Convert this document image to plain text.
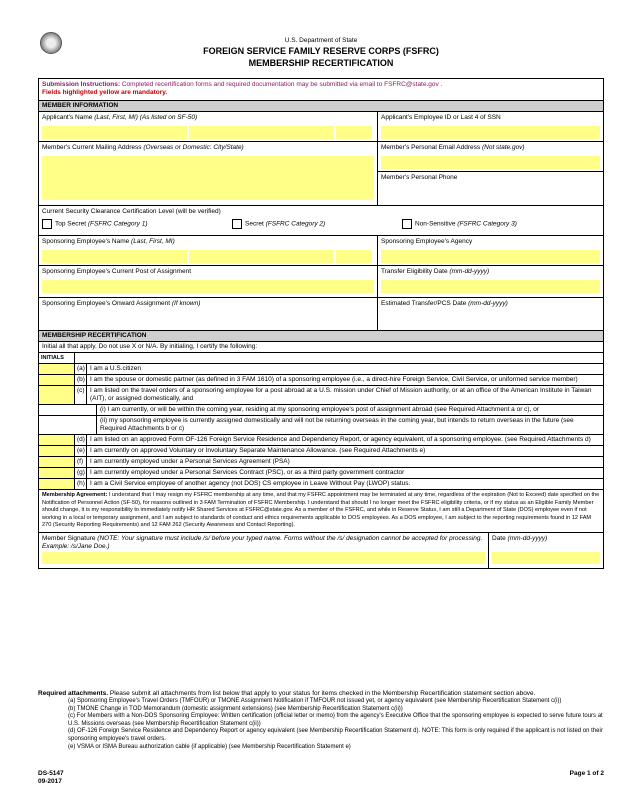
U.S. Department of State
FOREIGN SERVICE FAMILY RESERVE CORPS (FSFRC)
MEMBERSHIP RECERTIFICATION
Submission Instructions: Completed recertification forms and required documentation may be submitted via email to FSFRC@state.gov .
Fields highlighted yellow are mandatory.
MEMBER INFORMATION
Applicant's Name (Last, First, MI) (As listed on SF-50)	Applicant's Employee ID or Last 4 of SSN
Member's Current Mailing Address (Overseas or Domestic: City/State)	Member's Personal Email Address (Not state.gov)
Member's Personal Phone
Current Security Clearance Certification Level (will be verified)
Top Secret (FSFRC Category 1)	Secret (FSFRC Category 2)	Non-Sensitive (FSFRC Category 3)
Sponsoring Employee's Name (Last, First, MI)	Sponsoring Employee's Agency
Sponsoring Employee's Current Post of Assignment	Transfer Eligibility Date (mm-dd-yyyy)
Sponsoring Employee's Onward Assignment (If known)	Estimated Transfer/PCS Date (mm-dd-yyyy)
MEMBERSHIP RECERTIFICATION
Initial all that apply. Do not use X or N/A. By initialing, I certify the following:
INITIALS
(a) I am a U.S.citizen
(b) I am the spouse or domestic partner (as defined in 3 FAM 1610) of a sponsoring employee (i.e., a direct-hire Foreign Service, Civil Service, or uniformed service member)
(c) I am listed on the travel orders of a sponsoring employee for a post abroad at a U.S. mission under Chief of Mission authority, or at an office of the American Institute in Taiwan (AIT), or assigned domestically, and
(i) I am currently, or will be within the coming year, residing at my sponsoring employee's post of assignment abroad (see Required Attachment a or c), or
(ii) my sponsoring employee is currently assigned domestically and will not be returning overseas in the coming year, but intends to return overseas in the future (see Required Attachments b or c)
(d) I am listed on an approved Form OF-126 Foreign Service Residence and Dependency Report, or agency equivalent, of a sponsoring employee. (see Required Attachments d)
(e) I am currently on approved Voluntary or Involuntary Separate Maintenance Allowance. (see Required Attachments e)
(f)	I am currently employed under a Personal Services Agreement (PSA)
(g) I am currently employed under a Personal Services Contract (PSC), or as a third party government contractor
(h) I am a Civil Service employee of another agency (not DOS) CS employee in Leave Without Pay (LWOP) status.
Membership Agreement: I understand that I may resign my FSFRC membership at any time, and that my FSFRC appointment may be terminated at any time, regardless of the expiration (Not to Exceed) date specified on the Notification of Personnel Action (SF-50), for reasons outlined in 3 FAM Termination of FSFRC Membership. I understand that should I no longer meet the FSFRC eligibility criteria, or if my status as an Eligible Family Member should change, it is my responsibility to immediately notify HR Shared Services at FSFRC@state.gov. As a member of the FSFRC, and while in Reserve Status, I am still a Department of State (DOS) employee even if not working in a local or temporary assignment, and I am subject to standards of conduct and ethics requirements applicable to DOS employees. As a DOS employee, I am subject to the reporting requirements found in 12 FAM 270 (Security Reporting Requirements) and 12 FAM 262 (Security Awareness and Contact Reporting).
Member Signature (NOTE: Your signature must include /s/ before your typed name. Forms without the /s/ designation cannot be accepted for processing. Example: /s/Jane Doe.)
Date (mm-dd-yyyy)
Required attachments. Please submit all attachments from list below that apply to your status for items checked in the Membership Recertification statement section above.
(a) Sponsoring Employee's Travel Orders (TMFOUR) or TMONE Assignment Notification if TMFOUR not issued yet, or agency equivalent (see Membership Recertification Statement c(i))
(b) TMONE Change in TOD Memorandum (domestic assignment extensions) (see Membership Recertification Statement c(ii))
(c) For Members with a Non-DOS Sponsoring Employee: Written certification (official letter or memo) from the agency's Executive Office that the sponsoring employee is expected to serve future tours at U.S. Missions overseas (see Membership Recertification Statement c(ii))
(d) OF-126 Foreign Service Residence and Dependency Report or agency equivalent (see Membership Recertification Statement d). NOTE: This form is only required if the applicant is not listed on their sponsoring employee's travel orders.
(e) VSMA or ISMA Bureau authorization cable (if applicable) (see Membership Recertification Statement e)
DS-5147
09-2017
Page 1 of 2
